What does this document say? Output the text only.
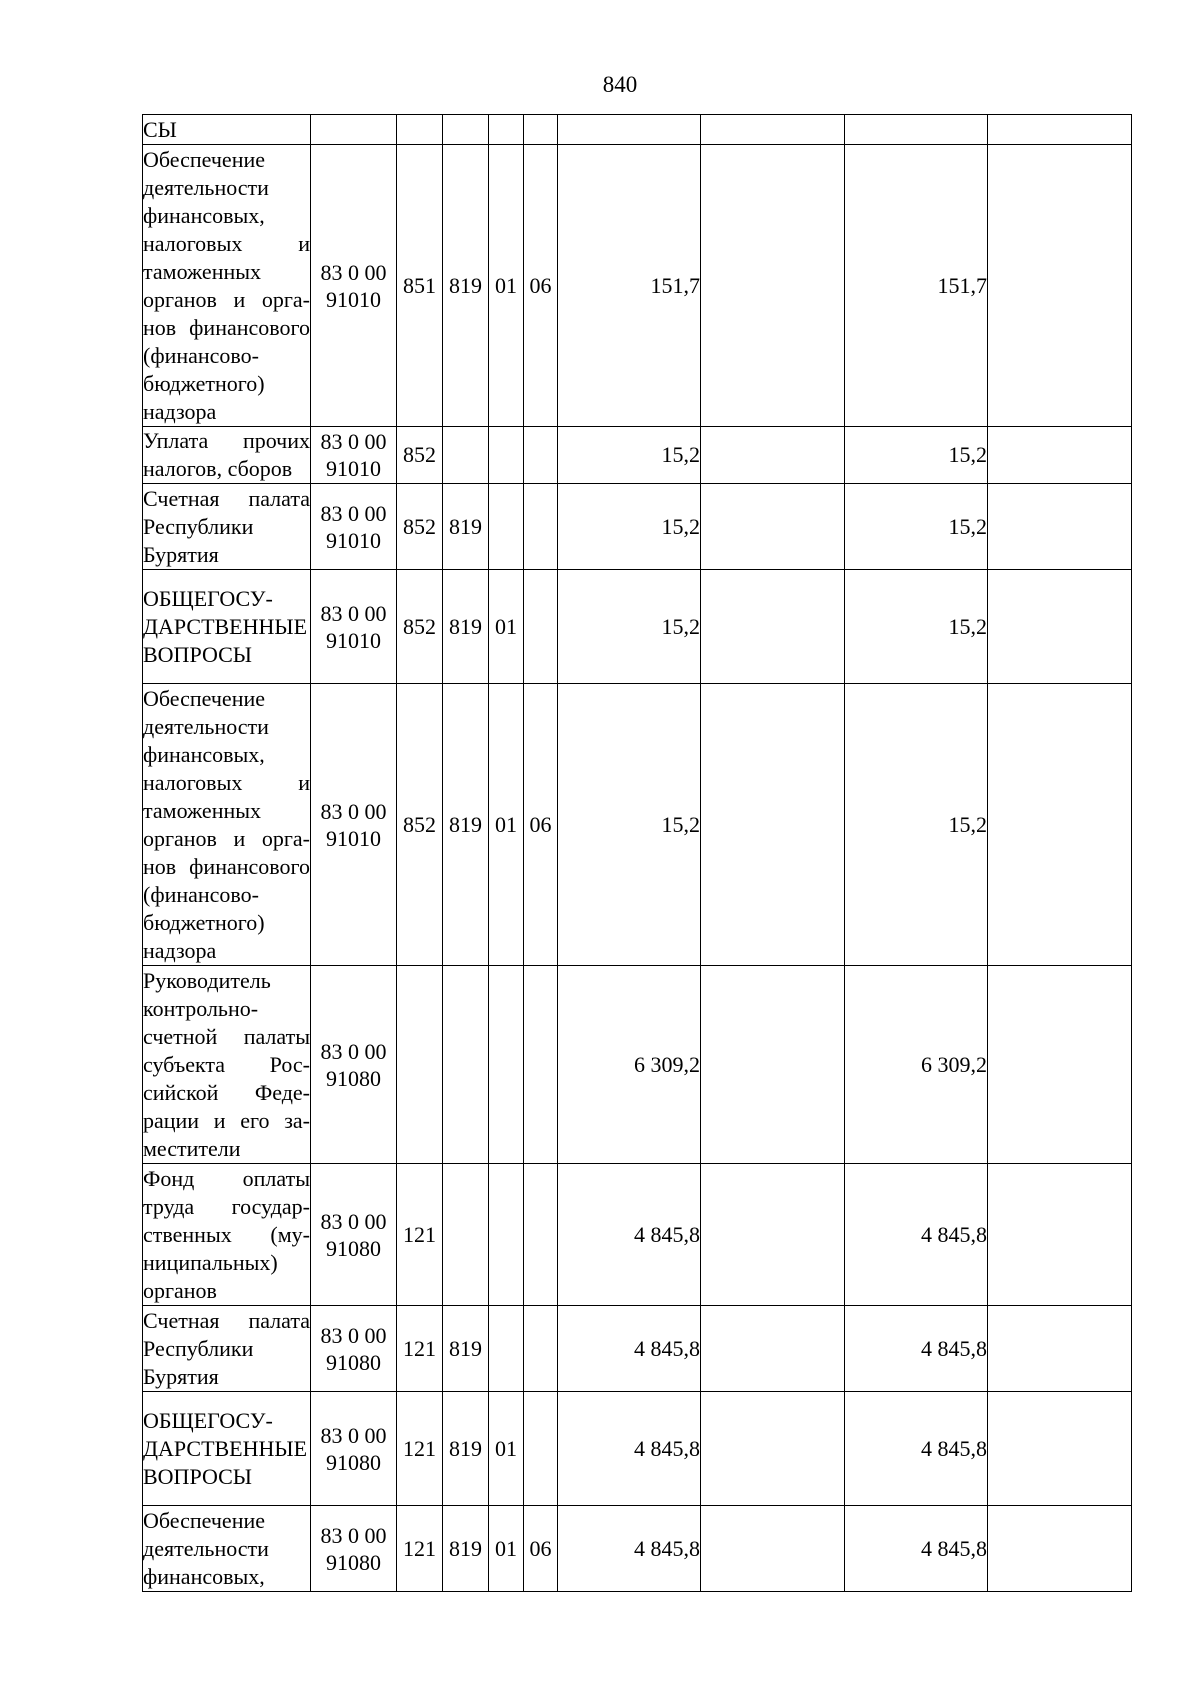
840
СЫ									
Обеспечение деятельности финансовых, налоговых и таможенных органов и органов финансового (финансово-бюджетного) надзора	83 0 00 91010	851	819	01	06	151,7		151,7	
Уплата прочих налогов, сборов	83 0 00 91010	852				15,2		15,2	
Счетная палата Республики Бурятия	83 0 00 91010	852	819			15,2		15,2	
ОБЩЕГОСУДАРСТВЕННЫЕ ВОПРОСЫ	83 0 00 91010	852	819	01		15,2		15,2	
Обеспечение деятельности финансовых, налоговых и таможенных органов и органов финансового (финансово-бюджетного) надзора	83 0 00 91010	852	819	01	06	15,2		15,2	
Руководитель контрольно-счетной палаты субъекта Российской Федерации и его заместители	83 0 00 91080					6 309,2		6 309,2	
Фонд оплаты труда государственных (муниципальных) органов	83 0 00 91080	121				4 845,8		4 845,8	
Счетная палата Республики Бурятия	83 0 00 91080	121	819			4 845,8		4 845,8	
ОБЩЕГОСУДАРСТВЕННЫЕ ВОПРОСЫ	83 0 00 91080	121	819	01		4 845,8		4 845,8	
Обеспечение деятельности финансовых,	83 0 00 91080	121	819	01	06	4 845,8		4 845,8	
